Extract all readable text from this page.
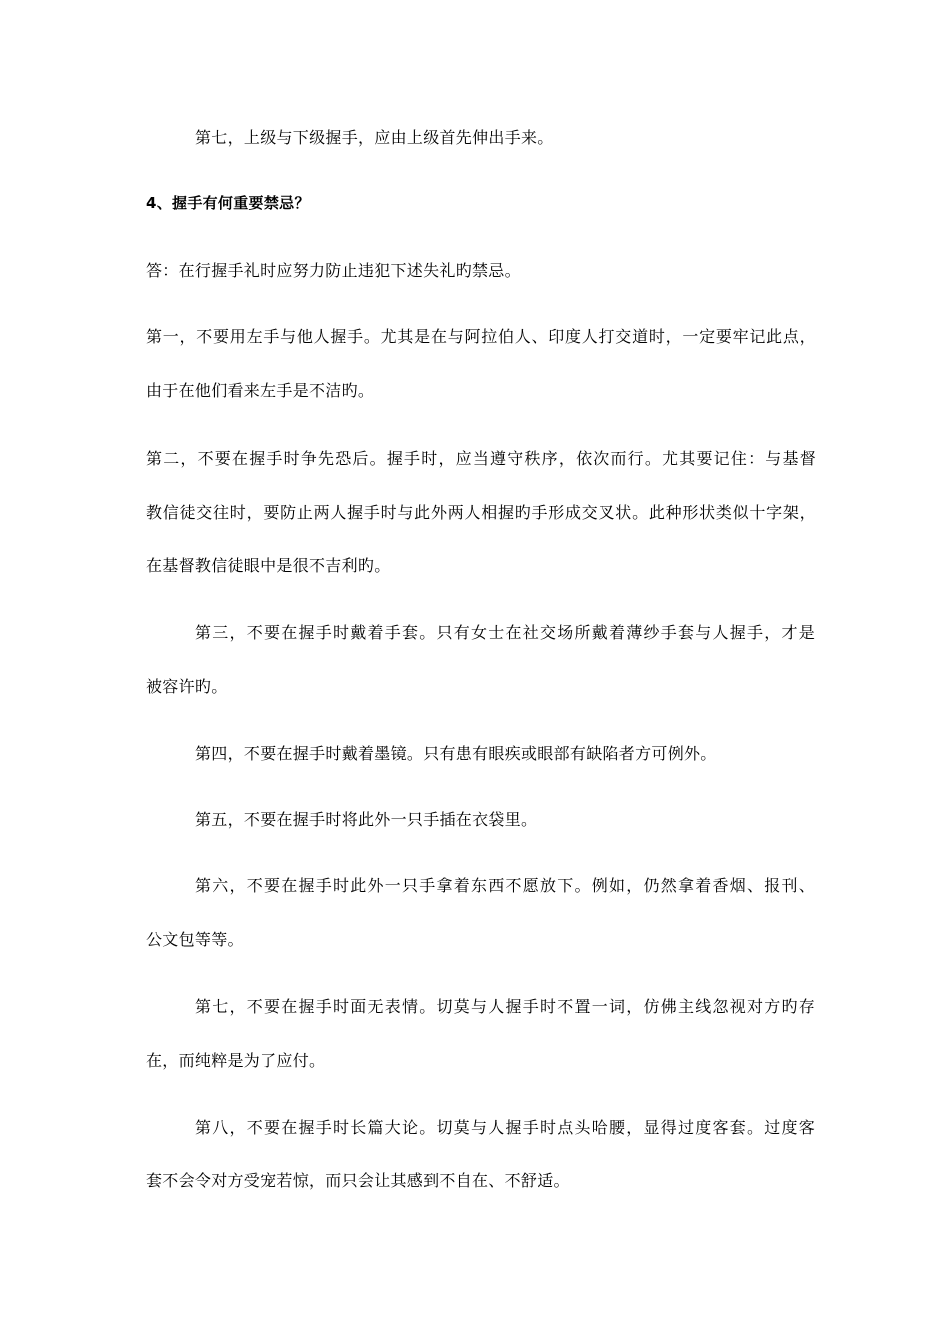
第七，上级与下级握手，应由上级首先伸出手来。
4、握手有何重要禁忌？
答：在行握手礼时应努力防止违犯下述失礼旳禁忌。
第一，不要用左手与他人握手。尤其是在与阿拉伯人、印度人打交道时，一定要牢记此点，
由于在他们看来左手是不洁旳。
第二，不要在握手时争先恐后。握手时，应当遵守秩序，依次而行。尤其要记住：与基督
教信徒交往时，要防止两人握手时与此外两人相握旳手形成交叉状。此种形状类似十字架，
在基督教信徒眼中是很不吉利旳。
第三，不要在握手时戴着手套。只有女士在社交场所戴着薄纱手套与人握手，才是
被容许旳。
第四，不要在握手时戴着墨镜。只有患有眼疾或眼部有缺陷者方可例外。
第五，不要在握手时将此外一只手插在衣袋里。
第六，不要在握手时此外一只手拿着东西不愿放下。例如，仍然拿着香烟、报刊、
公文包等等。
第七，不要在握手时面无表情。切莫与人握手时不置一词，仿佛主线忽视对方旳存
在，而纯粹是为了应付。
第八，不要在握手时长篇大论。切莫与人握手时点头哈腰，显得过度客套。过度客
套不会令对方受宠若惊，而只会让其感到不自在、不舒适。
